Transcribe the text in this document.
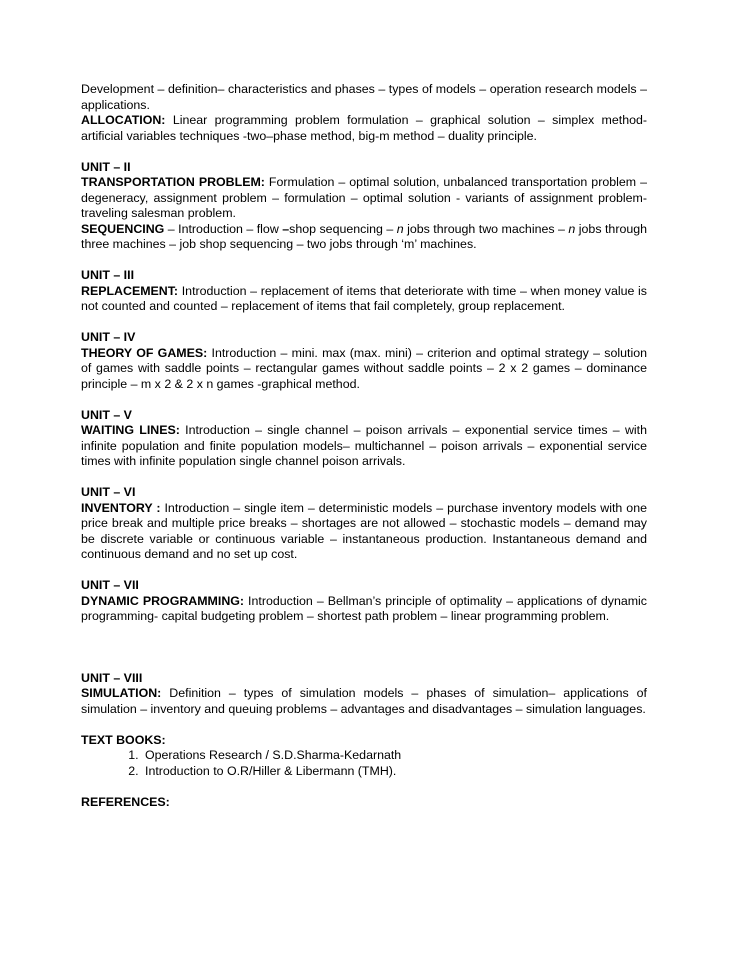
Development – definition– characteristics and phases – types of models – operation research models – applications.

ALLOCATION: Linear programming problem formulation – graphical solution – simplex method- artificial variables techniques -two–phase method, big-m method – duality principle.

UNIT – II

TRANSPORTATION PROBLEM: Formulation – optimal solution, unbalanced transportation problem – degeneracy, assignment problem – formulation – optimal solution - variants of assignment problem- traveling salesman problem.

SEQUENCING – Introduction – flow –shop sequencing – n jobs through two machines – n jobs through three machines – job shop sequencing – two jobs through ‘m’ machines.

UNIT – III

REPLACEMENT: Introduction – replacement of items that deteriorate with time – when money value is not counted and counted – replacement of items that fail completely, group replacement.

UNIT – IV

THEORY OF GAMES: Introduction – mini. max (max. mini) – criterion and optimal strategy – solution of games with saddle points – rectangular games without saddle points – 2 x 2 games – dominance principle – m x 2 & 2 x n games -graphical method.

UNIT – V

WAITING LINES: Introduction – single channel – poison arrivals – exponential service times – with infinite population and finite population models– multichannel – poison arrivals – exponential service times with infinite population single channel poison arrivals.

UNIT – VI

INVENTORY : Introduction – single item – deterministic models – purchase inventory models with one price break and multiple price breaks – shortages are not allowed – stochastic models – demand may be discrete variable or continuous variable – instantaneous production. Instantaneous demand and continuous demand and no set up cost.

UNIT – VII

DYNAMIC PROGRAMMING: Introduction – Bellman’s principle of optimality – applications of dynamic programming- capital budgeting problem – shortest path problem – linear programming problem.

UNIT – VIII

SIMULATION: Definition – types of simulation models – phases of simulation– applications of simulation – inventory and queuing problems – advantages and disadvantages – simulation languages.

TEXT BOOKS:

1. Operations Research / S.D.Sharma-Kedarnath
2. Introduction to O.R/Hiller & Libermann (TMH).

REFERENCES:
